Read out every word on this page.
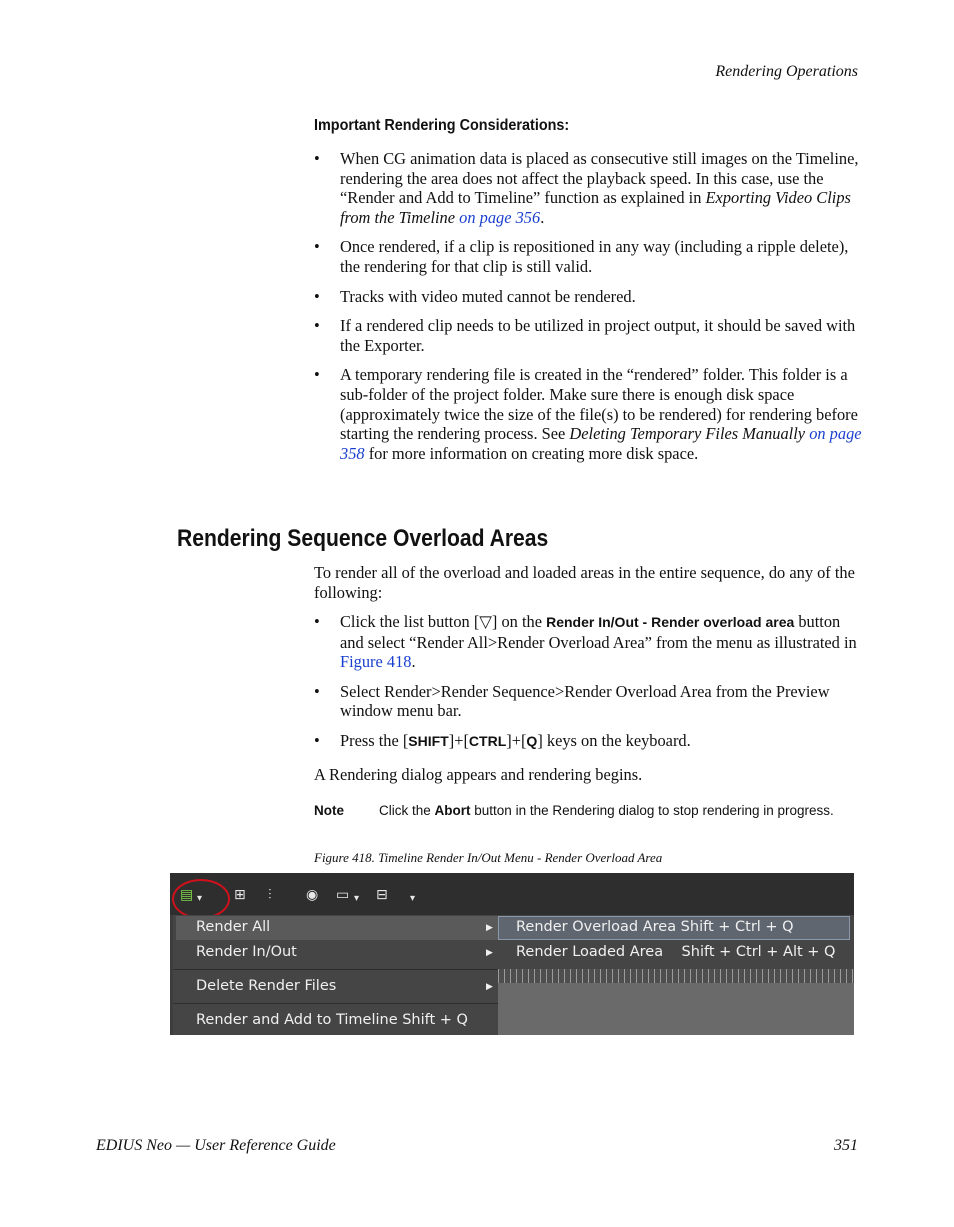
Rendering Operations
Important Rendering Considerations:
• When CG animation data is placed as consecutive still images on the Timeline, rendering the area does not affect the playback speed. In this case, use the “Render and Add to Timeline” function as explained in Exporting Video Clips from the Timeline on page 356.
• Once rendered, if a clip is repositioned in any way (including a ripple delete), the rendering for that clip is still valid.
• Tracks with video muted cannot be rendered.
• If a rendered clip needs to be utilized in project output, it should be saved with the Exporter.
• A temporary rendering file is created in the “rendered” folder. This folder is a sub-folder of the project folder. Make sure there is enough disk space (approximately twice the size of the file(s) to be rendered) for rendering before starting the rendering process. See Deleting Temporary Files Manually on page 358 for more information on creating more disk space.
Rendering Sequence Overload Areas
To render all of the overload and loaded areas in the entire sequence, do any of the following:
• Click the list button [▽] on the Render In/Out - Render overload area button and select “Render All>Render Overload Area” from the menu as illustrated in Figure 418.
• Select Render>Render Sequence>Render Overload Area from the Preview window menu bar.
• Press the [SHIFT]+[CTRL]+[Q] keys on the keyboard.
A Rendering dialog appears and rendering begins.
Note	Click the Abort button in the Rendering dialog to stop rendering in progress.
Figure 418. Timeline Render In/Out Menu - Render Overload Area
▤ ▾ ⊞ ⫶ ◉ ▭ ▾ ⊟ ▾
Render All	▶
Render In/Out	▶
Delete Render Files	▶
Render and Add to Timeline Shift + Q
Render Overload Area Shift + Ctrl + Q
Render Loaded Area    Shift + Ctrl + Alt + Q
EDIUS Neo — User Reference Guide	351
